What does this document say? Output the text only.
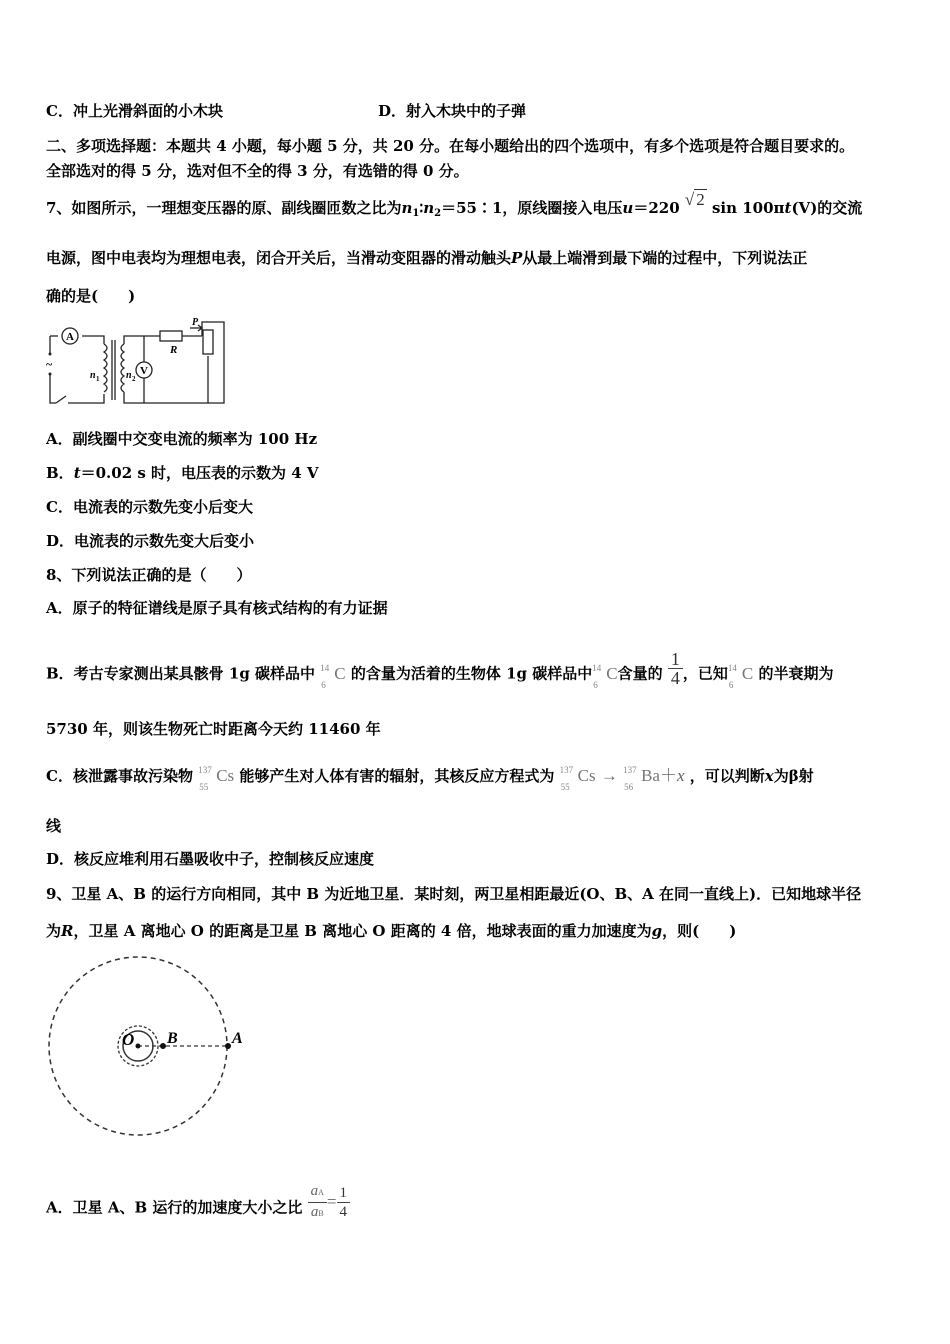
C．冲上光滑斜面的小木块	D．射入木块中的子弹
二、多项选择题：本题共 4 小题，每小题 5 分，共 20 分。在每小题给出的四个选项中，有多个选项是符合题目要求的。
全部选对的得 5 分，选对但不全的得 3 分，有选错的得 0 分。
7、如图所示，一理想变压器的原、副线圈匝数之比为$n_1∶n_2=55∶1$，原线圈接入电压u＝220 √ 2 sin 100πt(V)的交流
电源，图中电表均为理想电表，闭合开关后，当滑动变阻器的滑动触头P从最上端滑到最下端的过程中，下列说法正
确的是(　　)
A
V
R
P
n 1	n 2
~
A．副线圈中交变电流的频率为 100 Hz
B．t＝0.02 s 时，电压表的示数为 4 V
C．电流表的示数先变小后变大
D．电流表的示数先变大后变小
8、下列说法正确的是（　　）
A．原子的特征谱线是原子具有核式结构的有力证据
B．考古专家测出某具骸骨 1g 碳样品中 14
6
C 的含量为活着的生物体 1g 碳样品中 14
6
C含量的 $\frac{1}{4}$ ，已知 14
6
C 的半衰期为
5730 年，则该生物死亡时距离今天约 11460 年
C．核泄露事故污染物 137
55
Cs 能够产生对人体有害的辐射，其核反应方程式为 137
55
Cs → 137
56
Ba＋x ，可以判断x为β射
线
D．核反应堆利用石墨吸收中子，控制核反应速度
9、卫星 A、B 的运行方向相同，其中 B 为近地卫星．某时刻，两卫星相距最近(O、B、A 在同一直线上)．已知地球半径
为R，卫星 A 离地心 O 的距离是卫星 B 离地心 O 距离的 4 倍，地球表面的重力加速度为g，则(　　)
O B	A
A．卫星 A、B 运行的加速度大小之比 $\frac{aA}{aB} = \frac{1}{4}$
